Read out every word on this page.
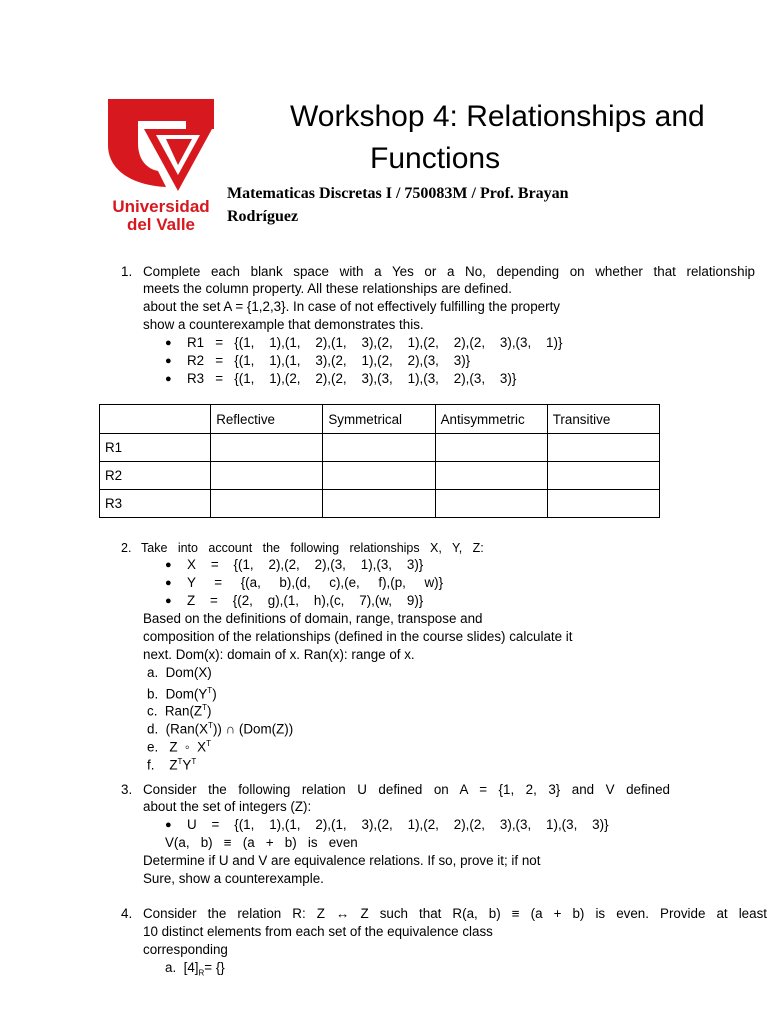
Universidad
del Valle
Workshop 4: Relationships and
Functions
Matematicas Discretas I / 750083M / Prof. Brayan
Rodríguez
1. Complete each blank space with a Yes or a No, depending on whether that relationship
meets the column property. All these relationships are defined.
about the set A = {1,2,3}. In case of not effectively fulfilling the property
show a counterexample that demonstrates this.
● R1   =   {(1,    1),(1,    2),(1,    3),(2,    1),(2,    2),(2,    3),(3,    1)}
● R2   =   {(1,    1),(1,    3),(2,    1),(2,    2),(3,    3)}
● R3   =   {(1,    1),(2,    2),(2,    3),(3,    1),(3,    2),(3,    3)}
	Reflective	Symmetrical	Antisymmetric	Transitive
R1				
R2				
R3				
2. Take   into   account   the   following   relationships   X,   Y,   Z:
● X    =    {(1,    2),(2,    2),(3,    1),(3,    3)}
● Y     =     {(a,     b),(d,     c),(e,     f),(p,     w)}
● Z    =    {(2,    g),(1,    h),(c,    7),(w,    9)}
Based on the definitions of domain, range, transpose and
composition of the relationships (defined in the course slides) calculate it
next. Dom(x): domain of x. Ran(x): range of x.
a. Dom(X)
b. $Dom(Y^T)$
c. $Ran(Z^T)$
d. $(Ran(X^T))$ ∩ (Dom(Z))
e. Z  ◦  $X^T$
f. $Z^TY^T$
3. Consider the following relation U defined on A = {1, 2, 3} and V defined
about the set of integers (Z):
● U    =    {(1,    1),(1,    2),(1,    3),(2,    1),(2,    2),(2,    3),(3,    1),(3,    3)}
V(a,   b)   ≡   (a   +   b)   is   even
Determine if U and V are equivalence relations. If so, prove it; if not
Sure, show a counterexample.
4. Consider the relation R: Z ↔ Z such that R(a, b) ≡ (a + b) is even. Provide at least
10 distinct elements from each set of the equivalence class
corresponding
a. $[4]_R=$ {}
